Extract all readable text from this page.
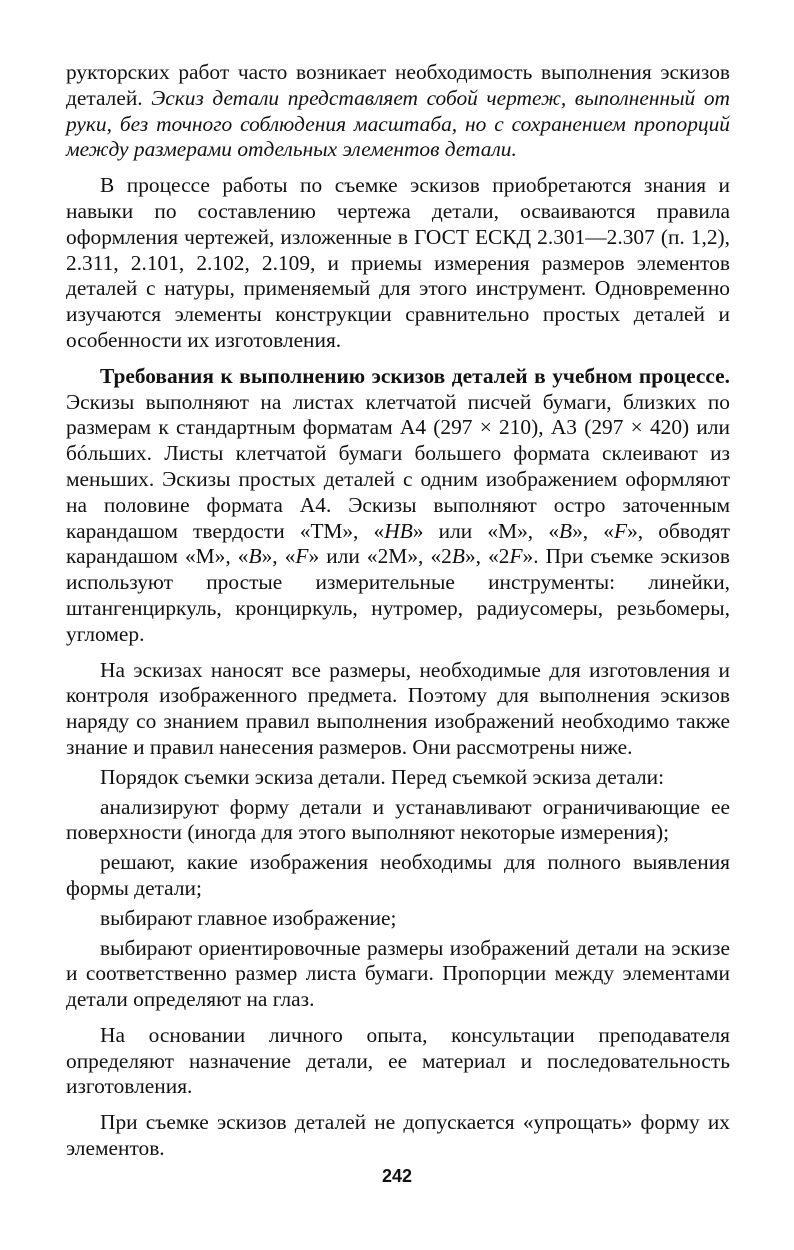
рукторских работ часто возникает необходимость выполнения эскизов деталей. Эскиз детали представляет собой чертеж, выполненный от руки, без точного соблюдения масштаба, но с сохранением пропорций между размерами отдельных элементов детали.

В процессе работы по съемке эскизов приобретаются знания и навыки по составлению чертежа детали, осваиваются правила оформления чертежей, изложенные в ГОСТ ЕСКД 2.301—2.307 (п. 1,2), 2.311, 2.101, 2.102, 2.109, и приемы измерения размеров элементов деталей с натуры, применяемый для этого инструмент. Одновременно изучаются элементы конструкции сравнительно простых деталей и особенности их изготовления.

Требования к выполнению эскизов деталей в учебном процессе. Эскизы выполняют на листах клетчатой писчей бумаги, близких по размерам к стандартным форматам А4 (297 × 210), А3 (297 × 420) или бóльших. Листы клетчатой бумаги большего формата склеивают из меньших. Эскизы простых деталей с одним изображением оформляют на половине формата А4. Эскизы выполняют остро заточенным карандашом твердости «ТМ», «НВ» или «М», «В», «F», обводят карандашом «М», «В», «F» или «2М», «2В», «2F». При съемке эскизов используют простые измерительные инструменты: линейки, штангенциркуль, кронциркуль, нутромер, радиусомеры, резьбомеры, угломер.

На эскизах наносят все размеры, необходимые для изготовления и контроля изображенного предмета. Поэтому для выполнения эскизов наряду со знанием правил выполнения изображений необходимо также знание и правил нанесения размеров. Они рассмотрены ниже.

Порядок съемки эскиза детали. Перед съемкой эскиза детали:

анализируют форму детали и устанавливают ограничивающие ее поверхности (иногда для этого выполняют некоторые измерения);

решают, какие изображения необходимы для полного выявления формы детали;

выбирают главное изображение;

выбирают ориентировочные размеры изображений детали на эскизе и соответственно размер листа бумаги. Пропорции между элементами детали определяют на глаз.

На основании личного опыта, консультации преподавателя определяют назначение детали, ее материал и последовательность изготовления.

При съемке эскизов деталей не допускается «упрощать» форму их элементов.

242
